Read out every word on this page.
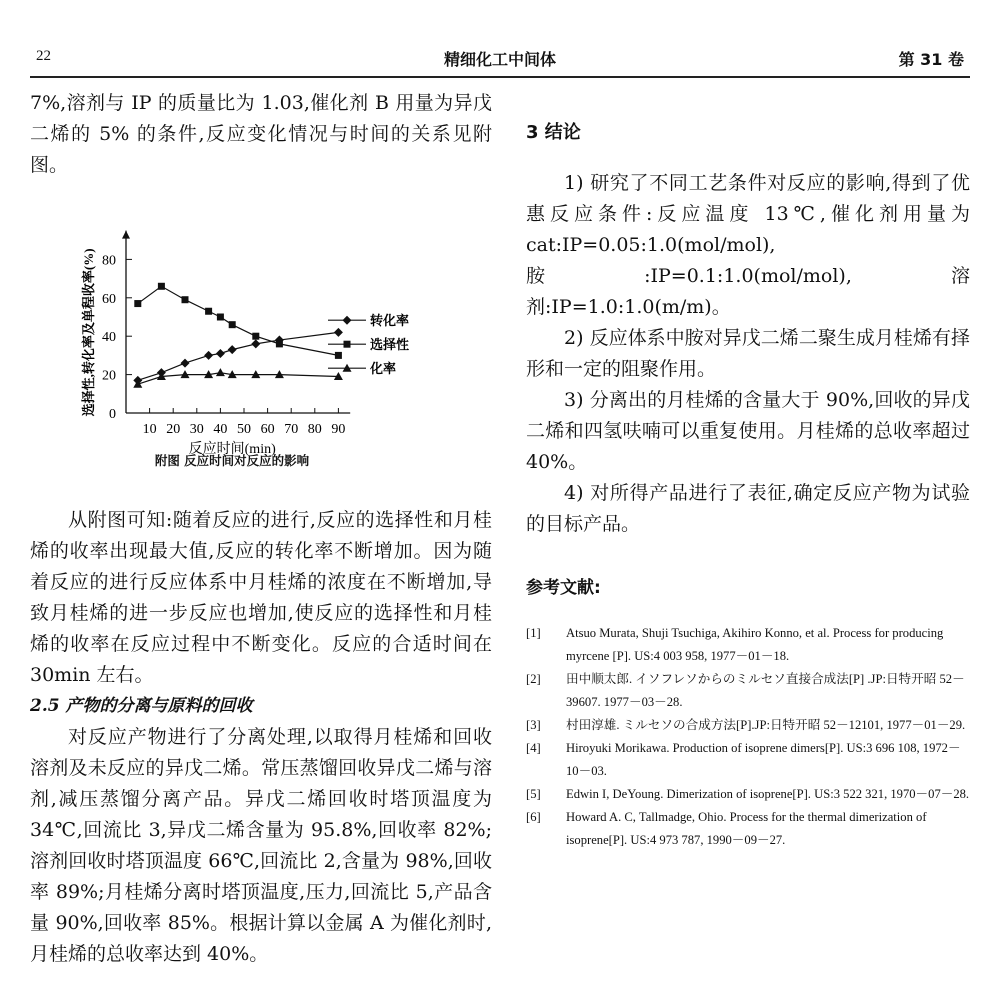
22	精细化工中间体	第 31 卷

7%,溶剂与 IP 的质量比为 1.03,催化剂 B 用量为异戊二烯的 5% 的条件,反应变化情况与时间的关系见附图。

从附图可知:随着反应的进行,反应的选择性和月桂烯的收率出现最大值,反应的转化率不断增加。因为随着反应的进行反应体系中月桂烯的浓度在不断增加,导致月桂烯的进一步反应也增加,使反应的选择性和月桂烯的收率在反应过程中不断变化。反应的合适时间在 30min 左右。

2.5 产物的分离与原料的回收

对反应产物进行了分离处理,以取得月桂烯和回收溶剂及未反应的异戊二烯。常压蒸馏回收异戊二烯与溶剂,减压蒸馏分离产品。异戊二烯回收时塔顶温度为 34℃,回流比 3,异戊二烯含量为 95.8%,回收率 82%;溶剂回收时塔顶温度 66℃,回流比 2,含量为 98%,回收率 89%;月桂烯分离时塔顶温度,压力,回流比 5,产品含量 90%,回收率 85%。根据计算以金属 A 为催化剂时,月桂烯的总收率达到 40%。

0
20
40
60
80
10 20 30 40 50 60 70 80 90
反应时间(min)
选择性,转化率及单程收率(%)	转化率
选择性
化率
附图 反应时间对反应的影响

3 结论

1) 研究了不同工艺条件对反应的影响,得到了优惠反应条件:反应温度 13℃,催化剂用量为 cat:IP=0.05:1.0(mol/mol),胺:IP=0.1:1.0(mol/mol),溶剂:IP=1.0:1.0(m/m)。

2) 反应体系中胺对异戊二烯二聚生成月桂烯有择形和一定的阻聚作用。

3) 分离出的月桂烯的含量大于 90%,回收的异戊二烯和四氢呋喃可以重复使用。月桂烯的总收率超过 40%。

4) 对所得产品进行了表征,确定反应产物为试验的目标产品。

参考文献:

[1] Atsuo Murata, Shuji Tsuchiga, Akihiro Konno, et al. Process for producing myrcene [P]. US:4 003 958, 1977－01－18.

[2] 田中顺太郎. イソフレソからのミルセソ直接合成法[P] .JP:日特开昭 52－39607. 1977－03－28.

[3] 村田淳雄. ミルセソの合成方法[P].JP:日特开昭 52－12101, 1977－01－29.

[4] Hiroyuki Morikawa. Production of isoprene dimers[P]. US:3 696 108, 1972－10－03.

[5] Edwin I, DeYoung. Dimerization of isoprene[P]. US:3 522 321, 1970－07－28.

[6] Howard A. C, Tallmadge, Ohio. Process for the thermal dimerization of isoprene[P]. US:4 973 787, 1990－09－27.
